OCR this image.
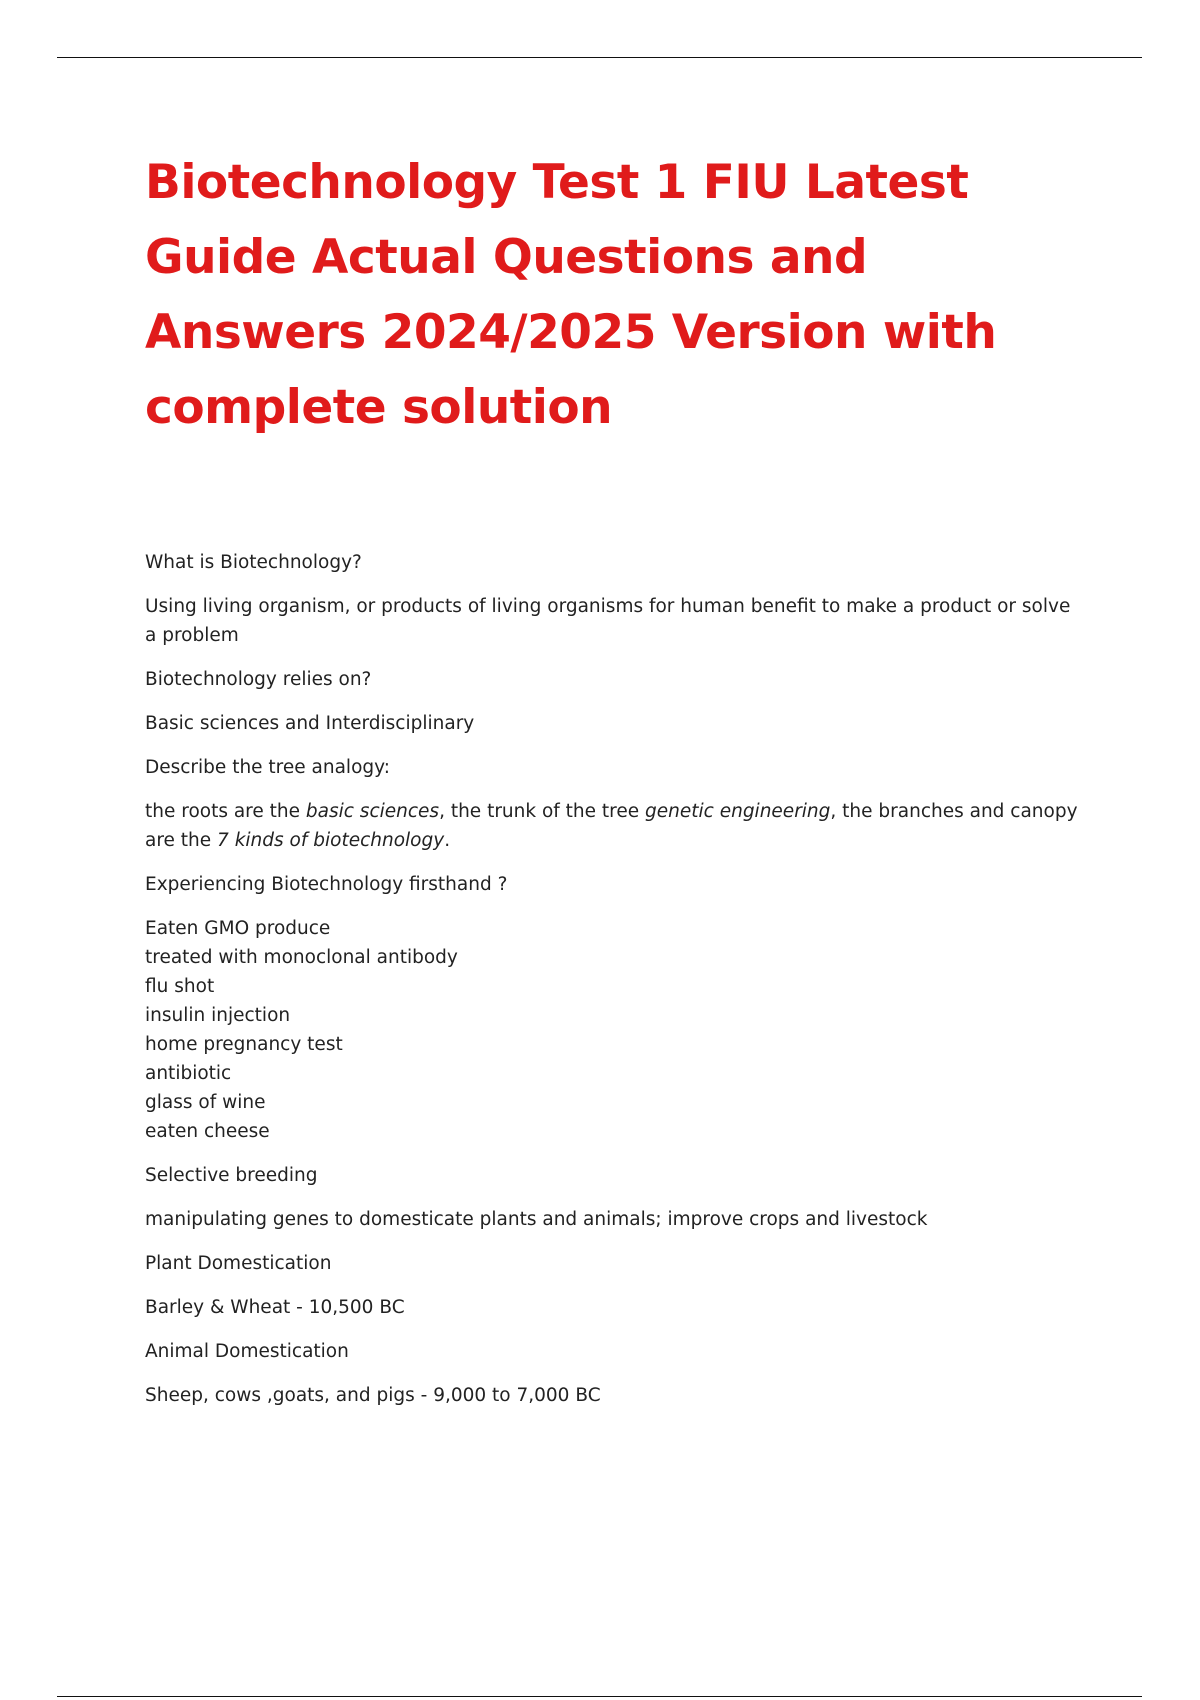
Biotechnology Test 1 FIU Latest Guide Actual Questions and Answers 2024/2025 Version with complete solution

What is Biotechnology?

Using living organism, or products of living organisms for human benefit to make a product or solve a problem

Biotechnology relies on?

Basic sciences and Interdisciplinary

Describe the tree analogy:

the roots are the basic sciences, the trunk of the tree genetic engineering, the branches and canopy are the 7 kinds of biotechnology.

Experiencing Biotechnology firsthand ?

Eaten GMO produce
treated with monoclonal antibody
flu shot
insulin injection
home pregnancy test
antibiotic
glass of wine
eaten cheese

Selective breeding

manipulating genes to domesticate plants and animals; improve crops and livestock

Plant Domestication

Barley & Wheat - 10,500 BC

Animal Domestication

Sheep, cows ,goats, and pigs - 9,000 to 7,000 BC
